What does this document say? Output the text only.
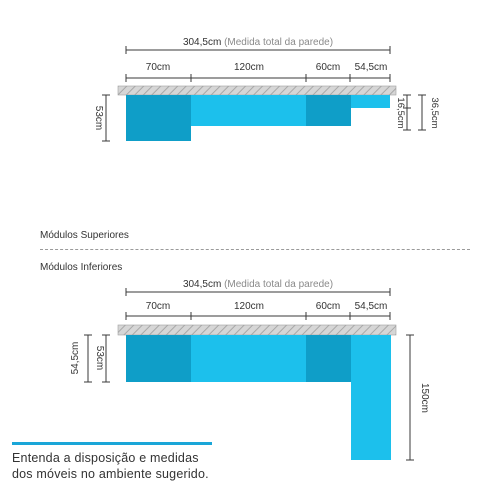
304,5cm (Medida total da parede)
70cm	120cm	60cm 54,5cm
53cm	16,5cm 36,5cm
304,5cm (Medida total da parede)
70cm	120cm	60cm 54,5cm
54,5cm 53cm
150cm
Módulos Superiores
Módulos Inferiores
Entenda a disposição e medidas
dos móveis no ambiente sugerido.
